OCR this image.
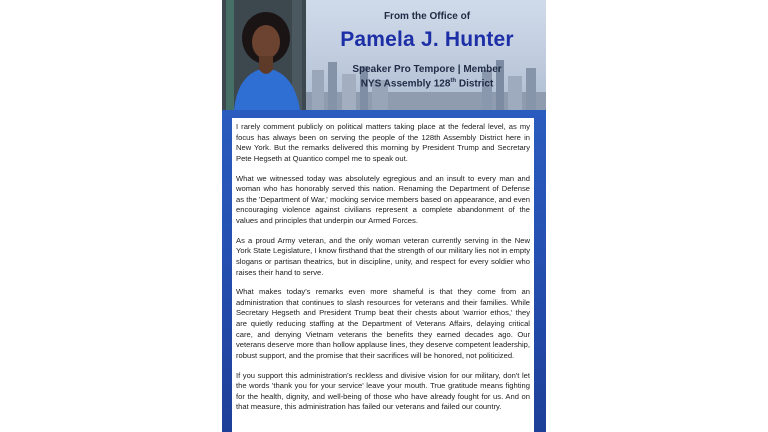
From the Office of
Pamela J. Hunter
Speaker Pro Tempore | Member
NYS Assembly 128th District

I rarely comment publicly on political matters taking place at the federal level, as my focus has always been on serving the people of the 128th Assembly District here in New York. But the remarks delivered this morning by President Trump and Secretary Pete Hegseth at Quantico compel me to speak out.

What we witnessed today was absolutely egregious and an insult to every man and woman who has honorably served this nation. Renaming the Department of Defense as the 'Department of War,' mocking service members based on appearance, and even encouraging violence against civilians represent a complete abandonment of the values and principles that underpin our Armed Forces.

As a proud Army veteran, and the only woman veteran currently serving in the New York State Legislature, I know firsthand that the strength of our military lies not in empty slogans or partisan theatrics, but in discipline, unity, and respect for every soldier who raises their hand to serve.

What makes today's remarks even more shameful is that they come from an administration that continues to slash resources for veterans and their families. While Secretary Hegseth and President Trump beat their chests about 'warrior ethos,' they are quietly reducing staffing at the Department of Veterans Affairs, delaying critical care, and denying Vietnam veterans the benefits they earned decades ago. Our veterans deserve more than hollow applause lines, they deserve competent leadership, robust support, and the promise that their sacrifices will be honored, not politicized.

If you support this administration's reckless and divisive vision for our military, don't let the words 'thank you for your service' leave your mouth. True gratitude means fighting for the health, dignity, and well-being of those who have already fought for us. And on that measure, this administration has failed our veterans and failed our country.
